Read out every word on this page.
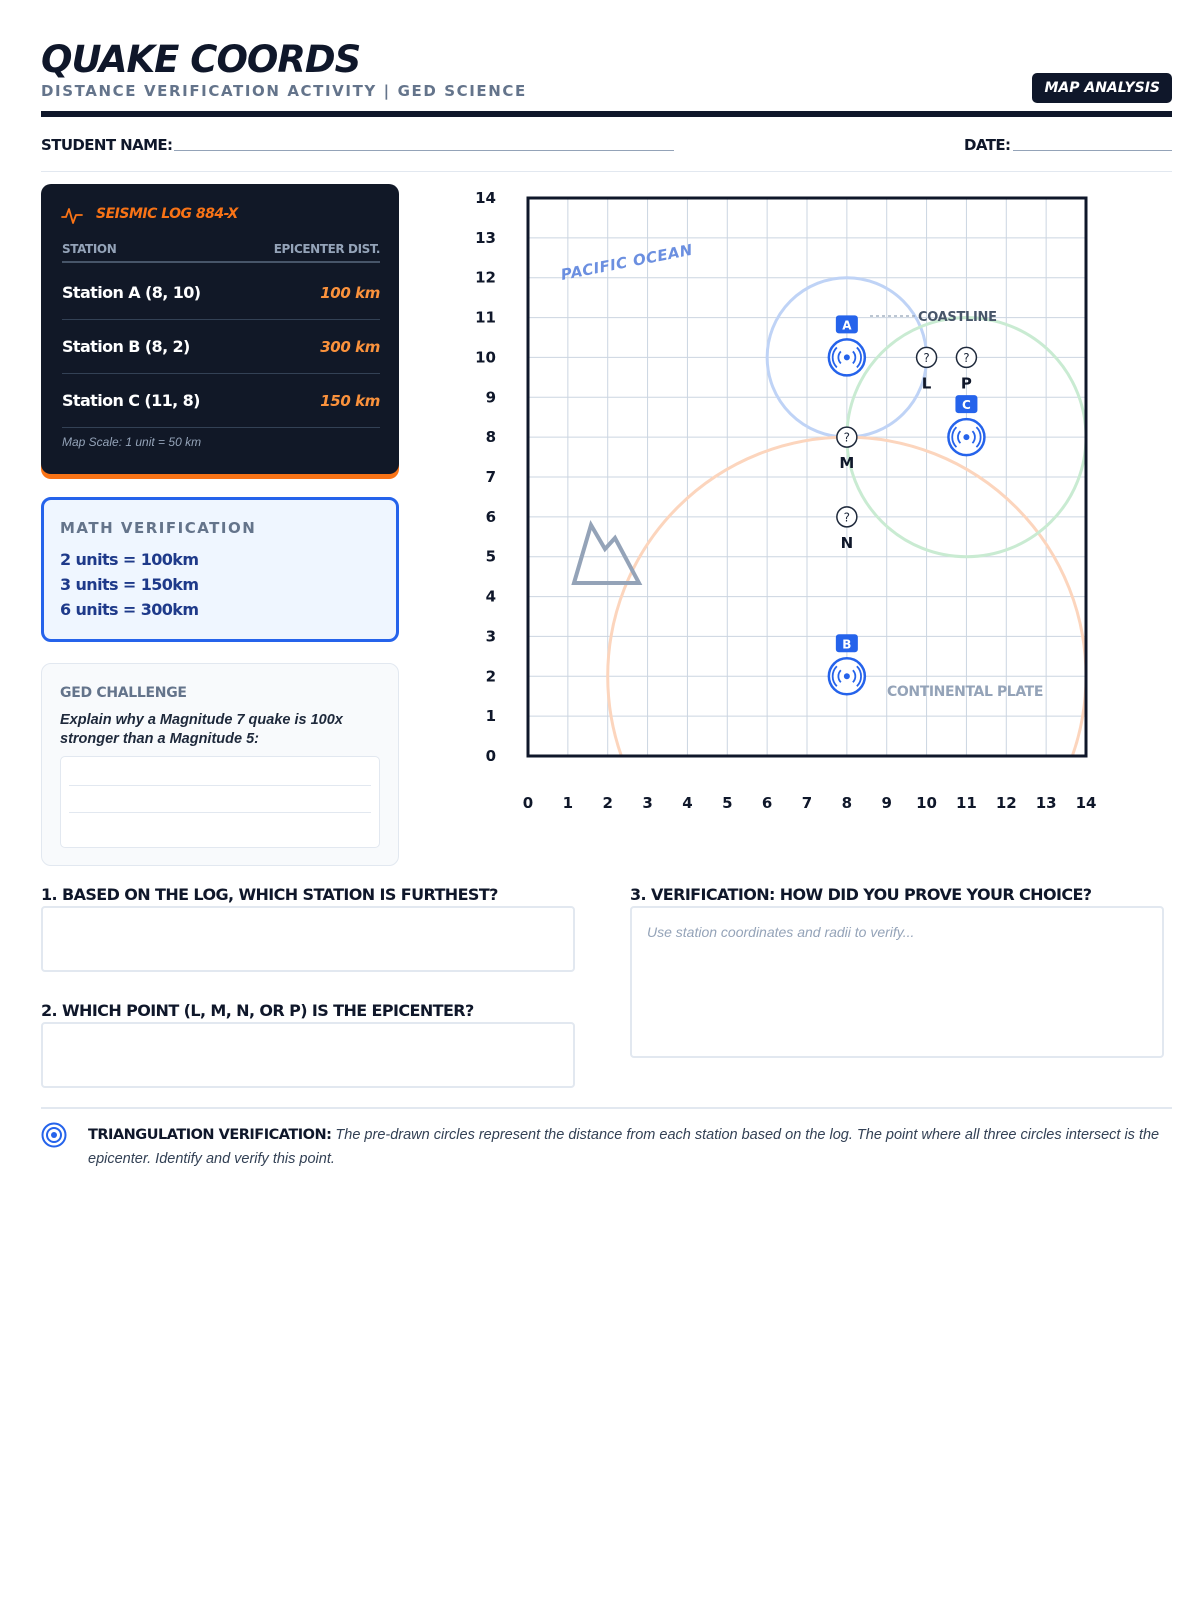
QUAKE COORDS
DISTANCE VERIFICATION ACTIVITY | GED SCIENCE	MAP ANALYSIS
STUDENT NAME:	DATE:
SEISMIC LOG 884-X
STATION	EPICENTER DIST.
Station A (8, 10)	100 km
Station B (8, 2)	300 km
Station C (11, 8)	150 km
Map Scale: 1 unit = 50 km
MATH VERIFICATION
2 units = 100km
3 units = 150km
6 units = 300km
GED CHALLENGE
Explain why a Magnitude 7 quake is 100x stronger than a Magnitude 5:
PACIFIC OCEAN
COASTLINE
CONTINENTAL PLATE
0 1 2 3 4 5 6 7 8 9 10 11 12 13 14
0
1
2
3
4
5
6
7
8
9
10
11
12
13
14
?
L
?
P
?
M
?
N
A
B
C
1. BASED ON THE LOG, WHICH STATION IS FURTHEST?
2. WHICH POINT (L, M, N, OR P) IS THE EPICENTER?
3. VERIFICATION: HOW DID YOU PROVE YOUR CHOICE?
Use station coordinates and radii to verify...
TRIANGULATION VERIFICATION: The pre-drawn circles represent the distance from each station based on the log. The point where all three circles intersect is the epicenter. Identify and verify this point.
